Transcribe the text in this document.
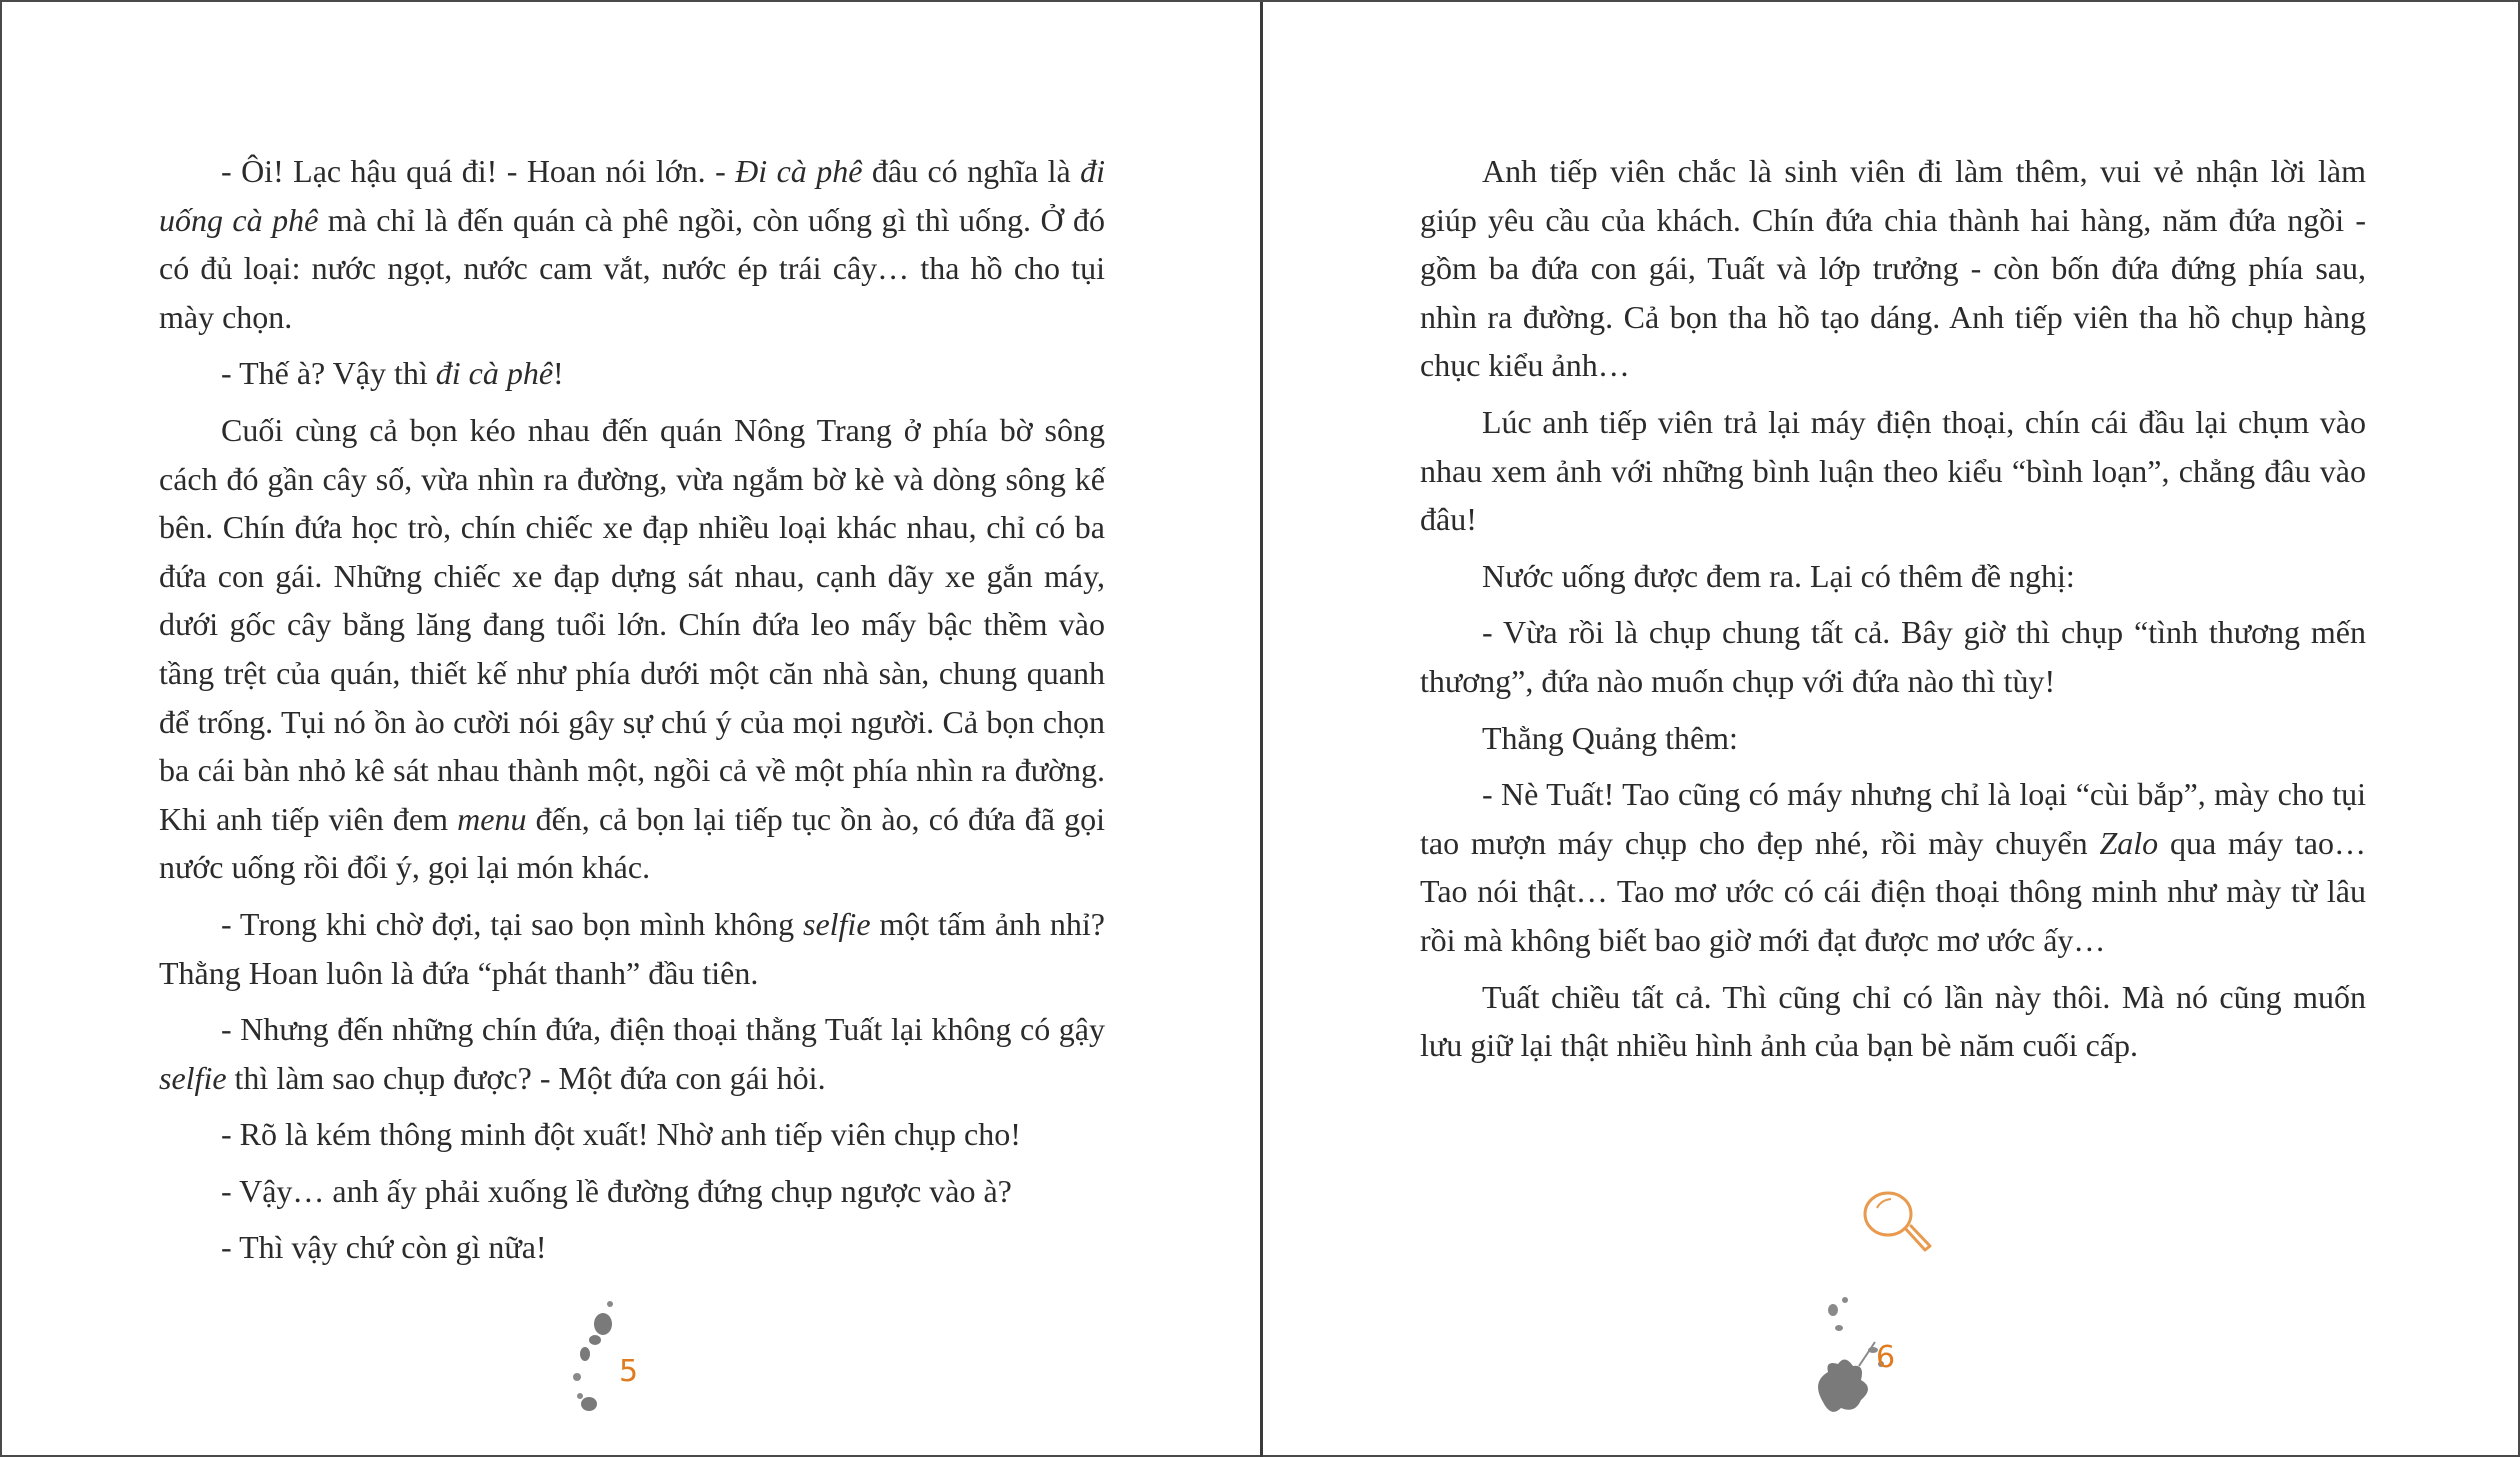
- Ôi! Lạc hậu quá đi! - Hoan nói lớn. - Đi cà phê đâu có nghĩa là đi uống cà phê mà chỉ là đến quán cà phê ngồi, còn uống gì thì uống. Ở đó có đủ loại: nước ngọt, nước cam vắt, nước ép trái cây… tha hồ cho tụi mày chọn.

- Thế à? Vậy thì đi cà phê!

Cuối cùng cả bọn kéo nhau đến quán Nông Trang ở phía bờ sông cách đó gần cây số, vừa nhìn ra đường, vừa ngắm bờ kè và dòng sông kế bên. Chín đứa học trò, chín chiếc xe đạp nhiều loại khác nhau, chỉ có ba đứa con gái. Những chiếc xe đạp dựng sát nhau, cạnh dãy xe gắn máy, dưới gốc cây bằng lăng đang tuổi lớn. Chín đứa leo mấy bậc thềm vào tầng trệt của quán, thiết kế như phía dưới một căn nhà sàn, chung quanh để trống. Tụi nó ồn ào cười nói gây sự chú ý của mọi người. Cả bọn chọn ba cái bàn nhỏ kê sát nhau thành một, ngồi cả về một phía nhìn ra đường. Khi anh tiếp viên đem menu đến, cả bọn lại tiếp tục ồn ào, có đứa đã gọi nước uống rồi đổi ý, gọi lại món khác.

- Trong khi chờ đợi, tại sao bọn mình không selfie một tấm ảnh nhỉ? Thằng Hoan luôn là đứa “phát thanh” đầu tiên.

- Nhưng đến những chín đứa, điện thoại thằng Tuất lại không có gậy selfie thì làm sao chụp được? - Một đứa con gái hỏi.

- Rõ là kém thông minh đột xuất! Nhờ anh tiếp viên chụp cho!

- Vậy… anh ấy phải xuống lề đường đứng chụp ngược vào à?

- Thì vậy chứ còn gì nữa!

5

Anh tiếp viên chắc là sinh viên đi làm thêm, vui vẻ nhận lời làm giúp yêu cầu của khách. Chín đứa chia thành hai hàng, năm đứa ngồi - gồm ba đứa con gái, Tuất và lớp trưởng - còn bốn đứa đứng phía sau, nhìn ra đường. Cả bọn tha hồ tạo dáng. Anh tiếp viên tha hồ chụp hàng chục kiểu ảnh…

Lúc anh tiếp viên trả lại máy điện thoại, chín cái đầu lại chụm vào nhau xem ảnh với những bình luận theo kiểu “bình loạn”, chẳng đâu vào đâu!

Nước uống được đem ra. Lại có thêm đề nghị:

- Vừa rồi là chụp chung tất cả. Bây giờ thì chụp “tình thương mến thương”, đứa nào muốn chụp với đứa nào thì tùy!

Thằng Quảng thêm:

- Nè Tuất! Tao cũng có máy nhưng chỉ là loại “cùi bắp”, mày cho tụi tao mượn máy chụp cho đẹp nhé, rồi mày chuyển Zalo qua máy tao… Tao nói thật… Tao mơ ước có cái điện thoại thông minh như mày từ lâu rồi mà không biết bao giờ mới đạt được mơ ước ấy…

Tuất chiều tất cả. Thì cũng chỉ có lần này thôi. Mà nó cũng muốn lưu giữ lại thật nhiều hình ảnh của bạn bè năm cuối cấp.

6
